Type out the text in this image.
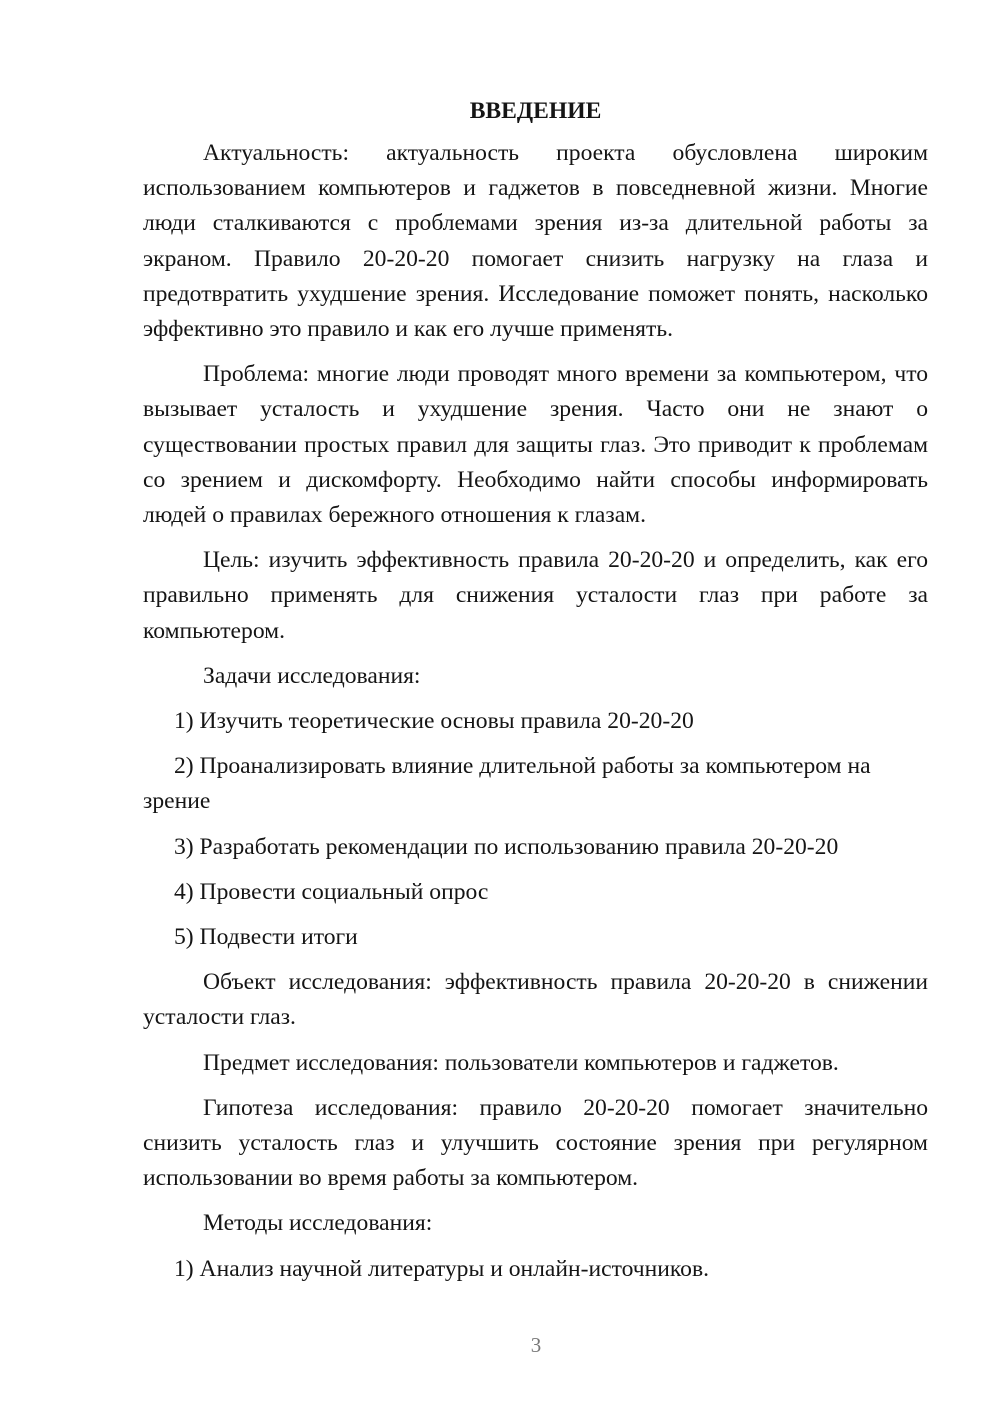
ВВЕДЕНИЕ

Актуальность: актуальность проекта обусловлена широким использованием компьютеров и гаджетов в повседневной жизни. Многие люди сталкиваются с проблемами зрения из-за длительной работы за экраном. Правило 20-20-20 помогает снизить нагрузку на глаза и предотвратить ухудшение зрения. Исследование поможет понять, насколько эффективно это правило и как его лучше применять.

Проблема: многие люди проводят много времени за компьютером, что вызывает усталость и ухудшение зрения. Часто они не знают о существовании простых правил для защиты глаз. Это приводит к проблемам со зрением и дискомфорту. Необходимо найти способы информировать людей о правилах бережного отношения к глазам.

Цель: изучить эффективность правила 20-20-20 и определить, как его правильно применять для снижения усталости глаз при работе за компьютером.

Задачи исследования:

1) Изучить теоретические основы правила 20-20-20

2) Проанализировать влияние длительной работы за компьютером на зрение

3) Разработать рекомендации по использованию правила 20-20-20

4) Провести социальный опрос

5) Подвести итоги

Объект исследования: эффективность правила 20-20-20 в снижении усталости глаз.

Предмет исследования: пользователи компьютеров и гаджетов.

Гипотеза исследования: правило 20-20-20 помогает значительно снизить усталость глаз и улучшить состояние зрения при регулярном использовании во время работы за компьютером.

Методы исследования:

1) Анализ научной литературы и онлайн-источников.

3
